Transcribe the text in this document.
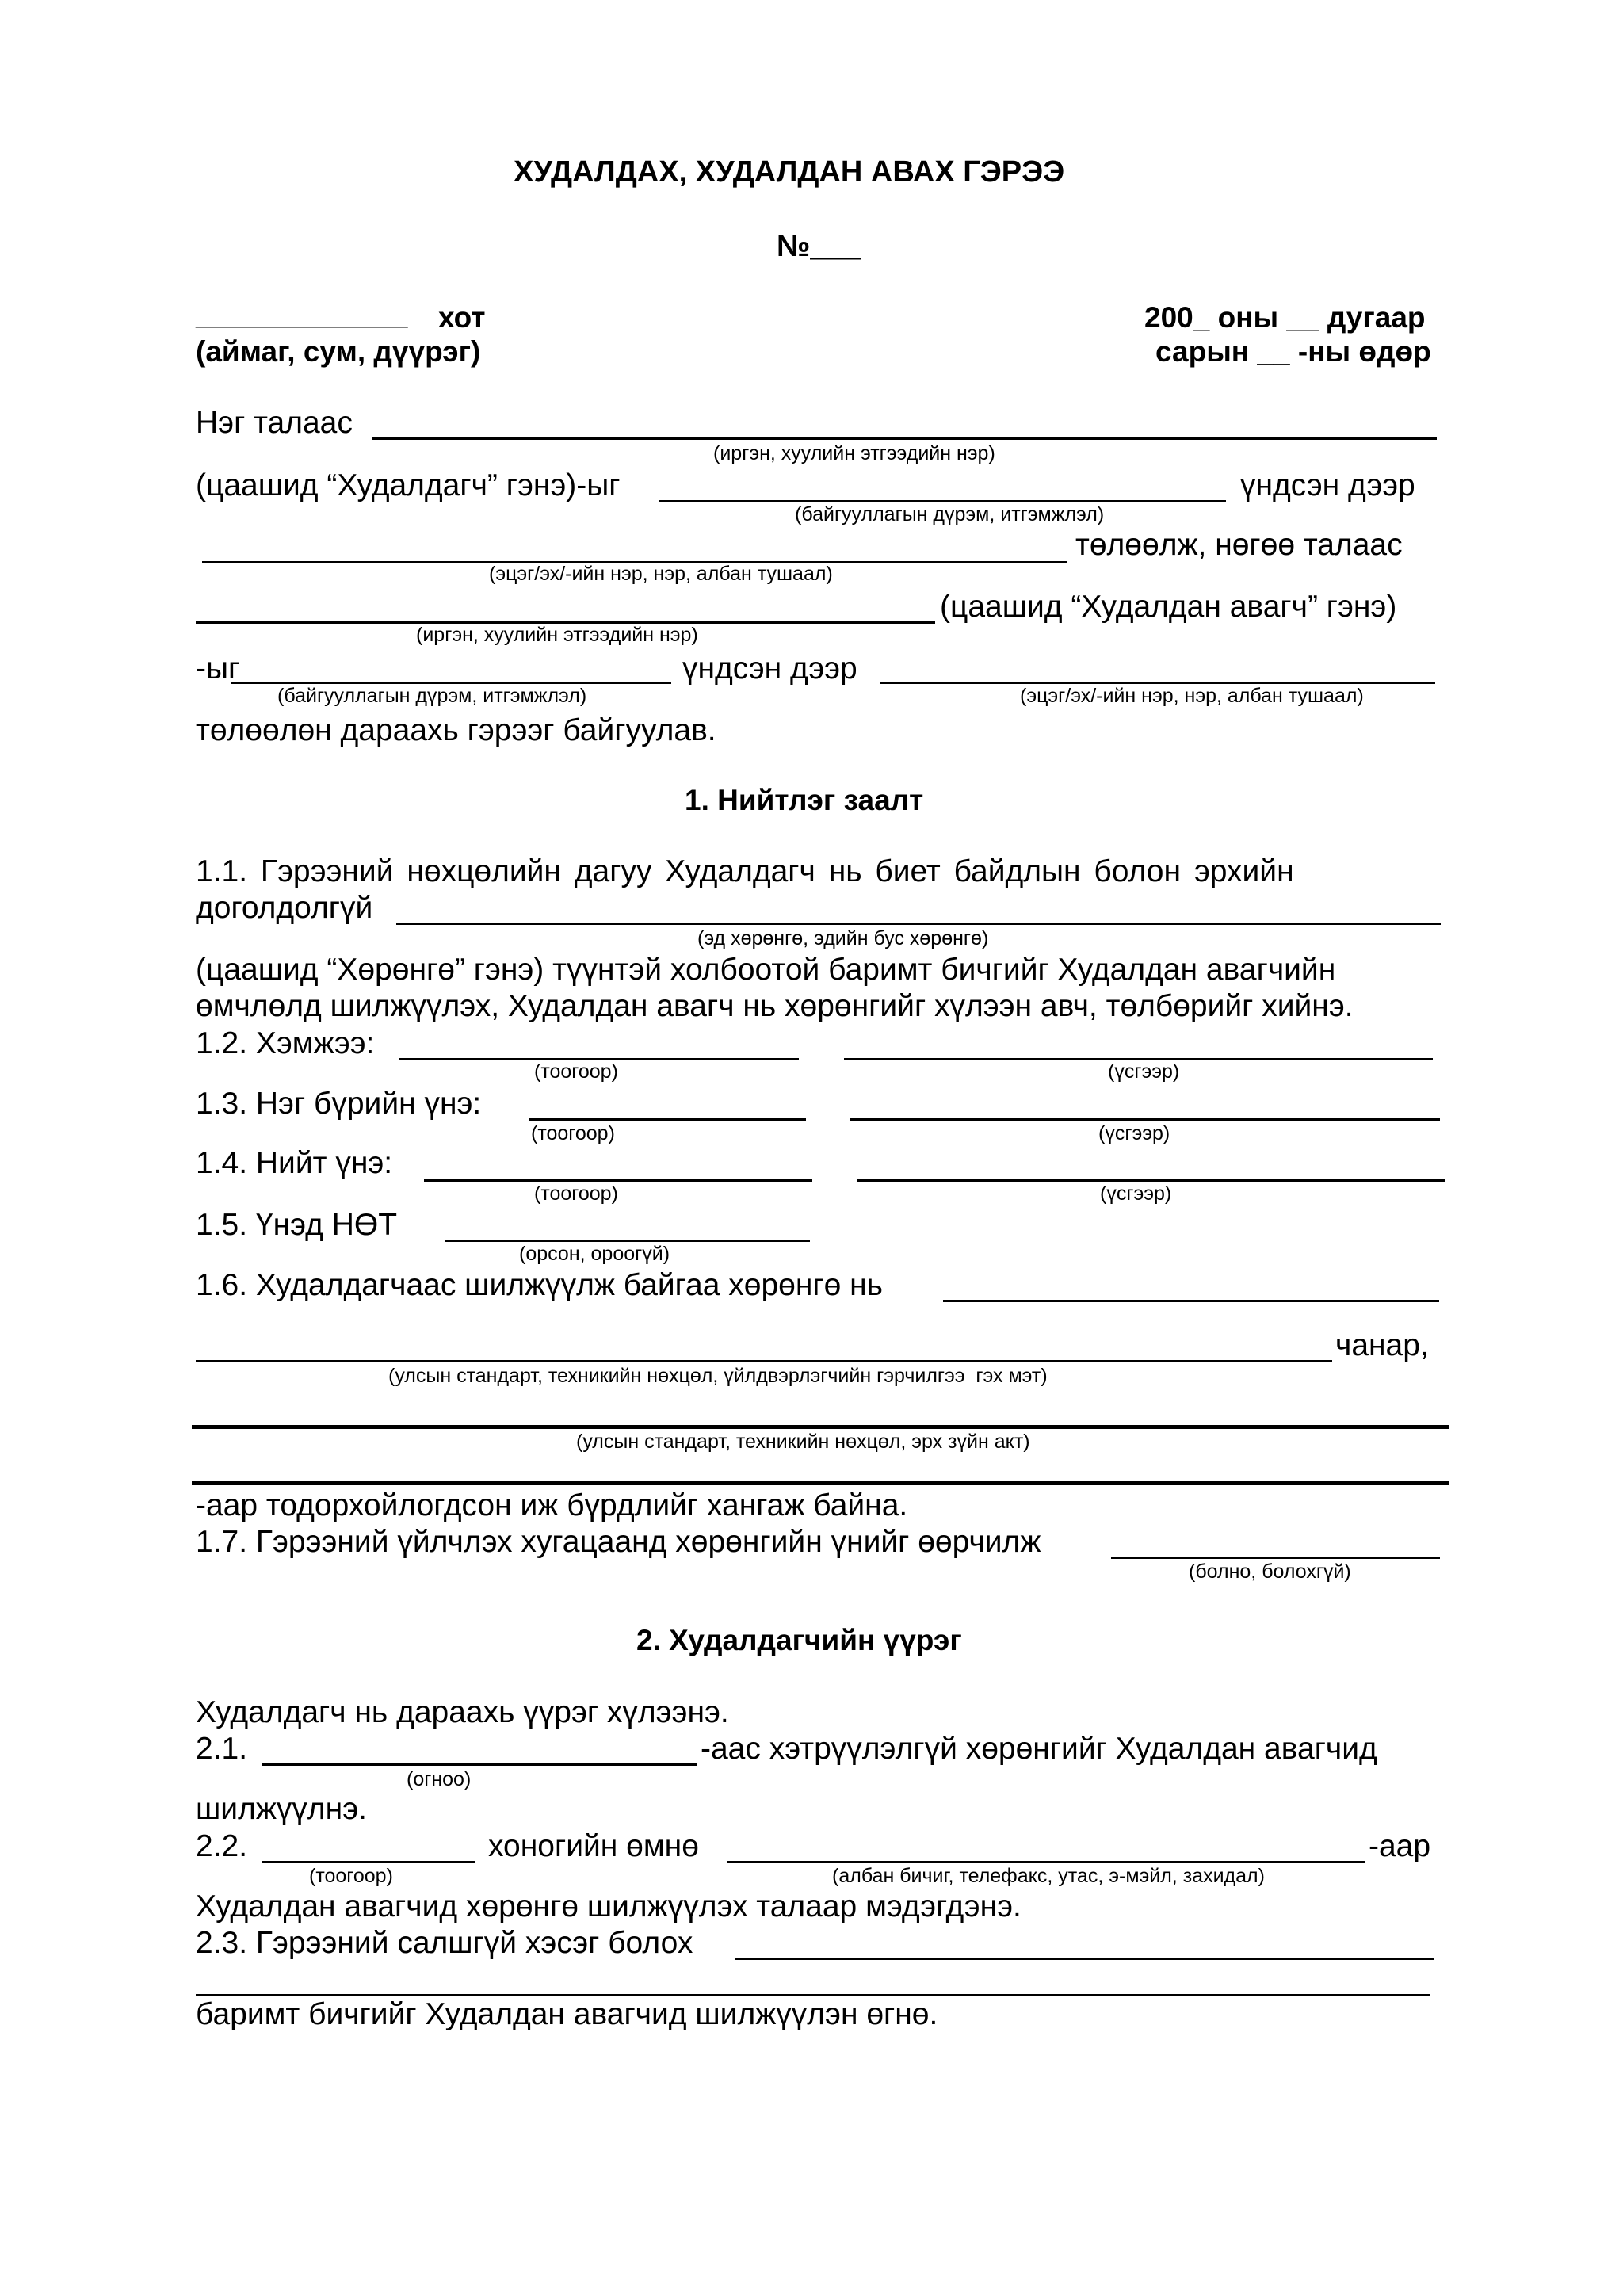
ХУДАЛДАХ, ХУДАЛДАН АВАХ ГЭРЭЭ
№___
_____________ хот
(аймаг, сум, дүүрэг)
200_ оны __ дугаар
сарын __ -ны өдөр
Нэг талаас
(иргэн, хуулийн этгээдийн нэр)
(цаашид “Худалдагч” гэнэ)-ыг	үндсэн дээр
(байгууллагын дүрэм, итгэмжлэл)
төлөөлж, нөгөө талаас
(эцэг/эх/-ийн нэр, нэр, албан тушаал)
(цаашид “Худалдан авагч” гэнэ)
(иргэн, хуулийн этгээдийн нэр)
-ыг	үндсэн дээр
(байгууллагын дүрэм, итгэмжлэл)	(эцэг/эх/-ийн нэр, нэр, албан тушаал)
төлөөлөн дараахь гэрээг байгуулав.
1. Нийтлэг заалт
1.1. Гэрээний нөхцөлийн дагуу Худалдагч нь биет байдлын болон эрхийн
доголдолгүй
(эд хөрөнгө, эдийн бус хөрөнгө)
(цаашид “Хөрөнгө” гэнэ) түүнтэй холбоотой баримт бичгийг Худалдан авагчийн
өмчлөлд шилжүүлэх, Худалдан авагч нь хөрөнгийг хүлээн авч, төлбөрийг хийнэ.
1.2. Хэмжээ:
(тоогоор)	(үсгээр)
1.3. Нэг бүрийн үнэ:
(тоогоор)	(үсгээр)
1.4. Нийт үнэ:
(тоогоор)	(үсгээр)
1.5. Үнэд НӨТ
(орсон, ороогүй)
1.6. Худалдагчаас шилжүүлж байгаа хөрөнгө нь
чанар,
(улсын стандарт, техникийн нөхцөл, үйлдвэрлэгчийн гэрчилгээ  гэх мэт)
(улсын стандарт, техникийн нөхцөл, эрх зүйн акт)
-аар тодорхойлогдсон иж бүрдлийг хангаж байна.
1.7. Гэрээний үйлчлэх хугацаанд хөрөнгийн үнийг өөрчилж
(болно, болохгүй)
2. Худалдагчийн үүрэг
Худалдагч нь дараахь үүрэг хүлээнэ.
2.1.	-аас хэтрүүлэлгүй хөрөнгийг Худалдан авагчид
(огноо)
шилжүүлнэ.
2.2.	хоногийн өмнө	-аар
(тоогоор)	(албан бичиг, телефакс, утас, э-мэйл, захидал)
Худалдан авагчид хөрөнгө шилжүүлэх талаар мэдэгдэнэ.
2.3. Гэрээний салшгүй хэсэг болох
баримт бичгийг Худалдан авагчид шилжүүлэн өгнө.
